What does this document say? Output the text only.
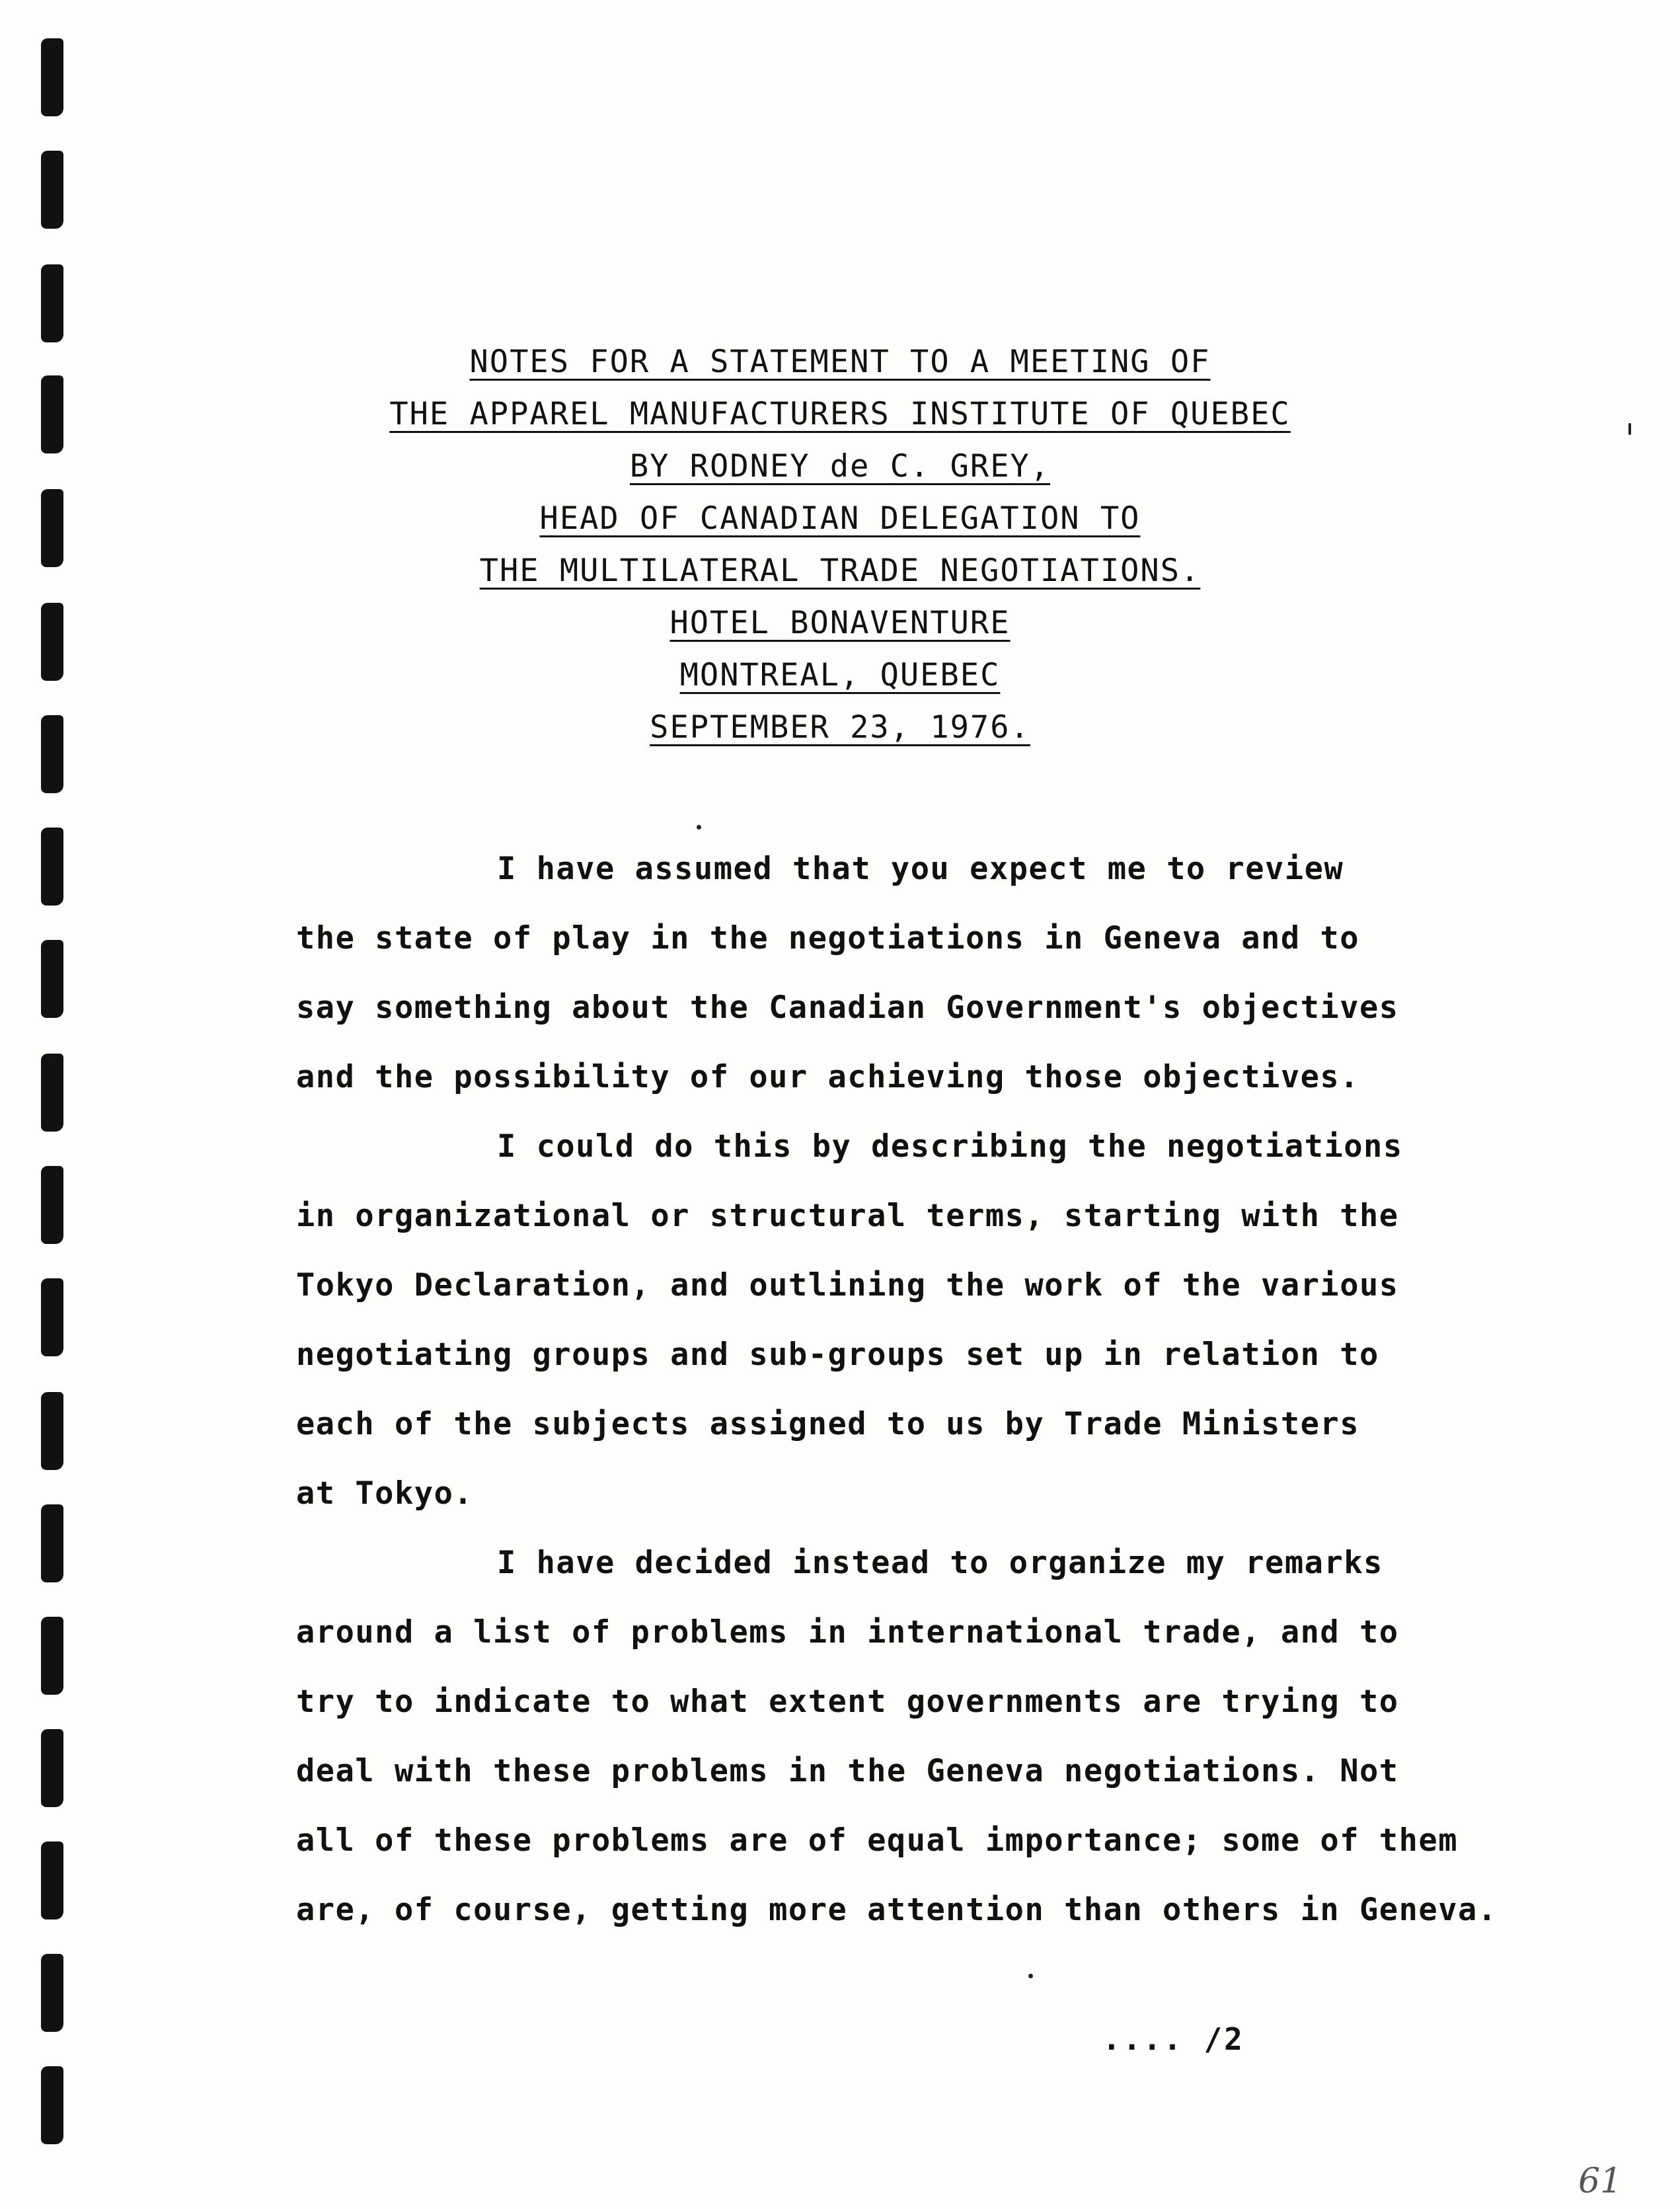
NOTES FOR A STATEMENT TO A MEETING OF
THE APPAREL MANUFACTURERS INSTITUTE OF QUEBEC
BY RODNEY de C. GREY,
HEAD OF CANADIAN DELEGATION TO
THE MULTILATERAL TRADE NEGOTIATIONS.
HOTEL BONAVENTURE
MONTREAL, QUEBEC
SEPTEMBER 23, 1976.

I have assumed that you expect me to review
the state of play in the negotiations in Geneva and to
say something about the Canadian Government's objectives
and the possibility of our achieving those objectives.

I could do this by describing the negotiations
in organizational or structural terms, starting with the
Tokyo Declaration, and outlining the work of the various
negotiating groups and sub-groups set up in relation to
each of the subjects assigned to us by Trade Ministers
at Tokyo.

I have decided instead to organize my remarks
around a list of problems in international trade, and to
try to indicate to what extent governments are trying to
deal with these problems in the Geneva negotiations. Not
all of these problems are of equal importance; some of them
are, of course, getting more attention than others in Geneva.

.... /2
61
